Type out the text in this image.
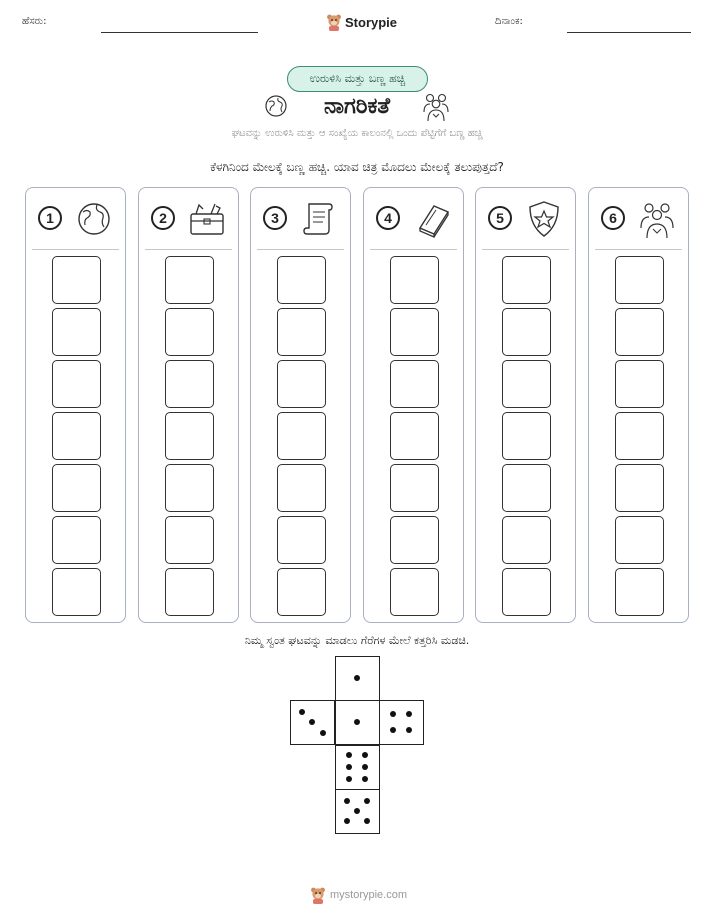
ಹೆಸರು:	Storypie	ದಿನಾಂಕ:
ಉರುಳಿಸಿ ಮತ್ತು ಬಣ್ಣ ಹಚ್ಚಿ
ನಾಗರಿಕತೆ
ಘಟವನ್ನು ಉರುಳಿಸಿ ಮತ್ತು ಆ ಸಂಖ್ಯೆಯ ಕಾಲಂನಲ್ಲಿ ಒಂದು ಪೆಟ್ಟಿಗೆಗೆ ಬಣ್ಣ ಹಚ್ಚಿ
ಕೆಳಗಿನಿಂದ ಮೇಲಕ್ಕೆ ಬಣ್ಣ ಹಚ್ಚಿ. ಯಾವ ಚಿತ್ರ ಮೊದಲು ಮೇಲಕ್ಕೆ ತಲುಪುತ್ತದೆ?
1	2	3	4	5	6
ನಿಮ್ಮ ಸ್ವಂತ ಘಟವನ್ನು ಮಾಡಲು ಗೆರೆಗಳ ಮೇಲೆ ಕತ್ತರಿಸಿ ಮಡಚಿ.
mystorypie.com
